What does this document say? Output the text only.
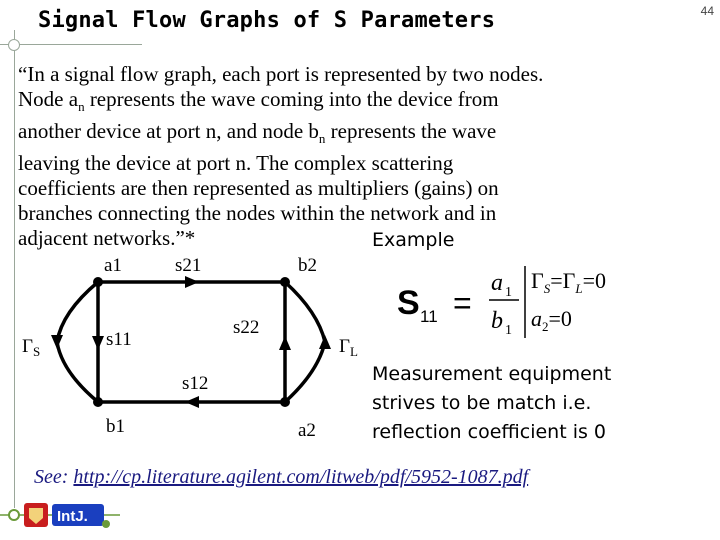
Signal Flow Graphs of S Parameters	44

“In a signal flow graph, each port is represented by two nodes.

Node $a_n$ represents the wave coming into the device from

another device at port n, and node $b_n$ represents the wave

leaving the device at port n. The complex scattering

coefficients are then represented as multipliers (gains) on

branches connecting the nodes within the network and in

adjacent networks.”*	Example
a1	s21	b2
s11
s22
s12
b1	a2
$\Gamma_S$	$\Gamma_L$
S 11 =
a 1
b 1
$\Gamma_S=\Gamma_L=0$
$a_2=0$
Measurement equipment
strives to be match i.e.
reflection coefficient is 0
See: http://cp.literature.agilent.com/litweb/pdf/5952-1087.pdf
IntJ.
